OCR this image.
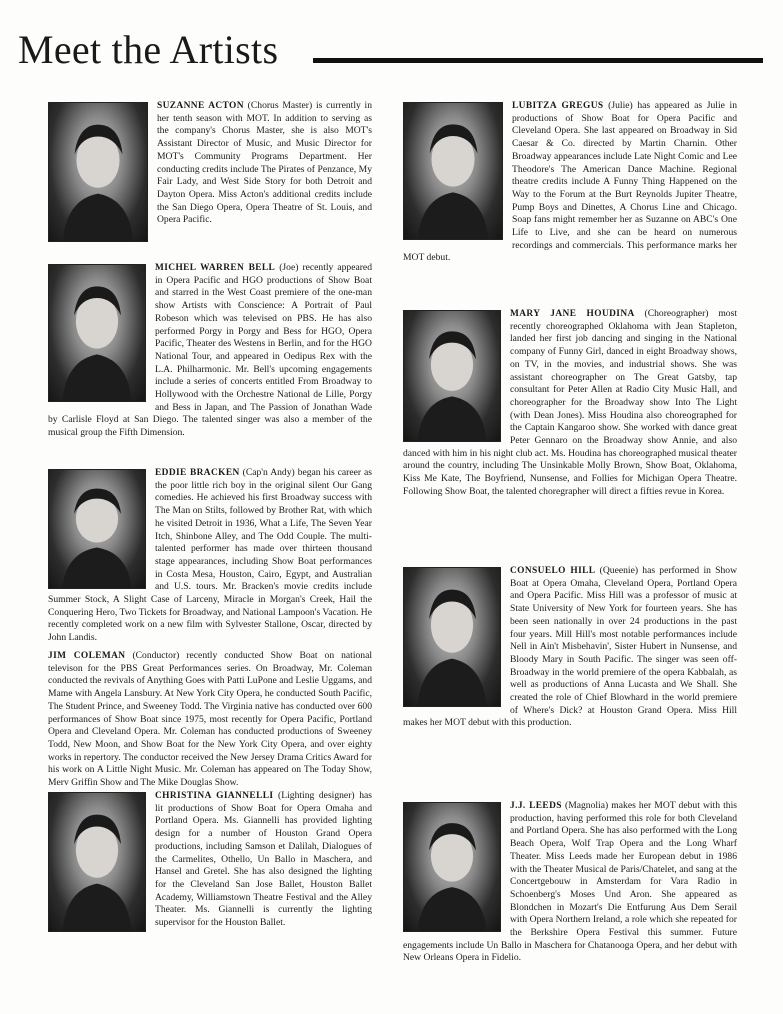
Meet the Artists

SUZANNE ACTON (Chorus Master) is currently in her tenth season with MOT. In addition to serving as the company's Chorus Master, she is also MOT's Assistant Director of Music, and Music Director for MOT's Community Programs Department. Her conducting credits include The Pirates of Penzance, My Fair Lady, and West Side Story for both Detroit and Dayton Opera. Miss Acton's additional credits include the San Diego Opera, Opera Theatre of St. Louis, and Opera Pacific.

MICHEL WARREN BELL (Joe) recently appeared in Opera Pacific and HGO productions of Show Boat and starred in the West Coast premiere of the one-man show Artists with Conscience: A Portrait of Paul Robeson which was televised on PBS. He has also performed Porgy in Porgy and Bess for HGO, Opera Pacific, Theater des Westens in Berlin, and for the HGO National Tour, and appeared in Oedipus Rex with the L.A. Philharmonic. Mr. Bell's upcoming engagements include a series of concerts entitled From Broadway to Hollywood with the Orchestre National de Lille, Porgy and Bess in Japan, and The Passion of Jonathan Wade by Carlisle Floyd at San Diego. The talented singer was also a member of the musical group the Fifth Dimension.

EDDIE BRACKEN (Cap'n Andy) began his career as the poor little rich boy in the original silent Our Gang comedies. He achieved his first Broadway success with The Man on Stilts, followed by Brother Rat, with which he visited Detroit in 1936, What a Life, The Seven Year Itch, Shinbone Alley, and The Odd Couple. The multi-talented performer has made over thirteen thousand stage appearances, including Show Boat performances in Costa Mesa, Houston, Cairo, Egypt, and Australian and U.S. tours. Mr. Bracken's movie credits include Summer Stock, A Slight Case of Larceny, Miracle in Morgan's Creek, Hail the Conquering Hero, Two Tickets for Broadway, and National Lampoon's Vacation. He recently completed work on a new film with Sylvester Stallone, Oscar, directed by John Landis.

JIM COLEMAN (Conductor) recently conducted Show Boat on national televison for the PBS Great Performances series. On Broadway, Mr. Coleman conducted the revivals of Anything Goes with Patti LuPone and Leslie Uggams, and Mame with Angela Lansbury. At New York City Opera, he conducted South Pacific, The Student Prince, and Sweeney Todd. The Virginia native has conducted over 600 performances of Show Boat since 1975, most recently for Opera Pacific, Portland Opera and Cleveland Opera. Mr. Coleman has conducted productions of Sweeney Todd, New Moon, and Show Boat for the New York City Opera, and over eighty works in repertory. The conductor received the New Jersey Drama Critics Award for his work on A Little Night Music. Mr. Coleman has appeared on The Today Show, Merv Griffin Show and The Mike Douglas Show.

CHRISTINA GIANNELLI (Lighting designer) has lit productions of Show Boat for Opera Omaha and Portland Opera. Ms. Giannelli has provided lighting design for a number of Houston Grand Opera productions, including Samson et Dalilah, Dialogues of the Carmelites, Othello, Un Ballo in Maschera, and Hansel and Gretel. She has also designed the lighting for the Cleveland San Jose Ballet, Houston Ballet Academy, Williamstown Theatre Festival and the Alley Theater. Ms. Giannelli is currently the lighting supervisor for the Houston Ballet.

LUBITZA GREGUS (Julie) has appeared as Julie in productions of Show Boat for Opera Pacific and Cleveland Opera. She last appeared on Broadway in Sid Caesar & Co. directed by Martin Charnin. Other Broadway appearances include Late Night Comic and Lee Theodore's The American Dance Machine. Regional theatre credits include A Funny Thing Happened on the Way to the Forum at the Burt Reynolds Jupiter Theatre, Pump Boys and Dinettes, A Chorus Line and Chicago. Soap fans might remember her as Suzanne on ABC's One Life to Live, and she can be heard on numerous recordings and commercials. This performance marks her MOT debut.

MARY JANE HOUDINA (Choreographer) most recently choreographed Oklahoma with Jean Stapleton, landed her first job dancing and singing in the National company of Funny Girl, danced in eight Broadway shows, on TV, in the movies, and industrial shows. She was assistant choreographer on The Great Gatsby, tap consultant for Peter Allen at Radio City Music Hall, and choreographer for the Broadway show Into The Light (with Dean Jones). Miss Houdina also choreographed for the Captain Kangaroo show. She worked with dance great Peter Gennaro on the Broadway show Annie, and also danced with him in his night club act. Ms. Houdina has choreographed musical theater around the country, including The Unsinkable Molly Brown, Show Boat, Oklahoma, Kiss Me Kate, The Boyfriend, Nunsense, and Follies for Michigan Opera Theatre. Following Show Boat, the talented choregrapher will direct a fifties revue in Korea.

CONSUELO HILL (Queenie) has performed in Show Boat at Opera Omaha, Cleveland Opera, Portland Opera and Opera Pacific. Miss Hill was a professor of music at State University of New York for fourteen years. She has been seen nationally in over 24 productions in the past four years. Mill Hill's most notable performances include Nell in Ain't Misbehavin', Sister Hubert in Nunsense, and Bloody Mary in South Pacific. The singer was seen off-Broadway in the world premiere of the opera Kabbalah, as well as productions of Anna Lucasta and We Shall. She created the role of Chief Blowhard in the world premiere of Where's Dick? at Houston Grand Opera. Miss Hill makes her MOT debut with this production.

J.J. LEEDS (Magnolia) makes her MOT debut with this production, having performed this role for both Cleveland and Portland Opera. She has also performed with the Long Beach Opera, Wolf Trap Opera and the Long Wharf Theater. Miss Leeds made her European debut in 1986 with the Theater Musical de Paris/Chatelet, and sang at the Concertgebouw in Amsterdam for Vara Radio in Schoenberg's Moses Und Aron. She appeared as Blondchen in Mozart's Die Entfurung Aus Dem Serail with Opera Northern Ireland, a role which she repeated for the Berkshire Opera Festival this summer. Future engagements include Un Ballo in Maschera for Chatanooga Opera, and her debut with New Orleans Opera in Fidelio.
